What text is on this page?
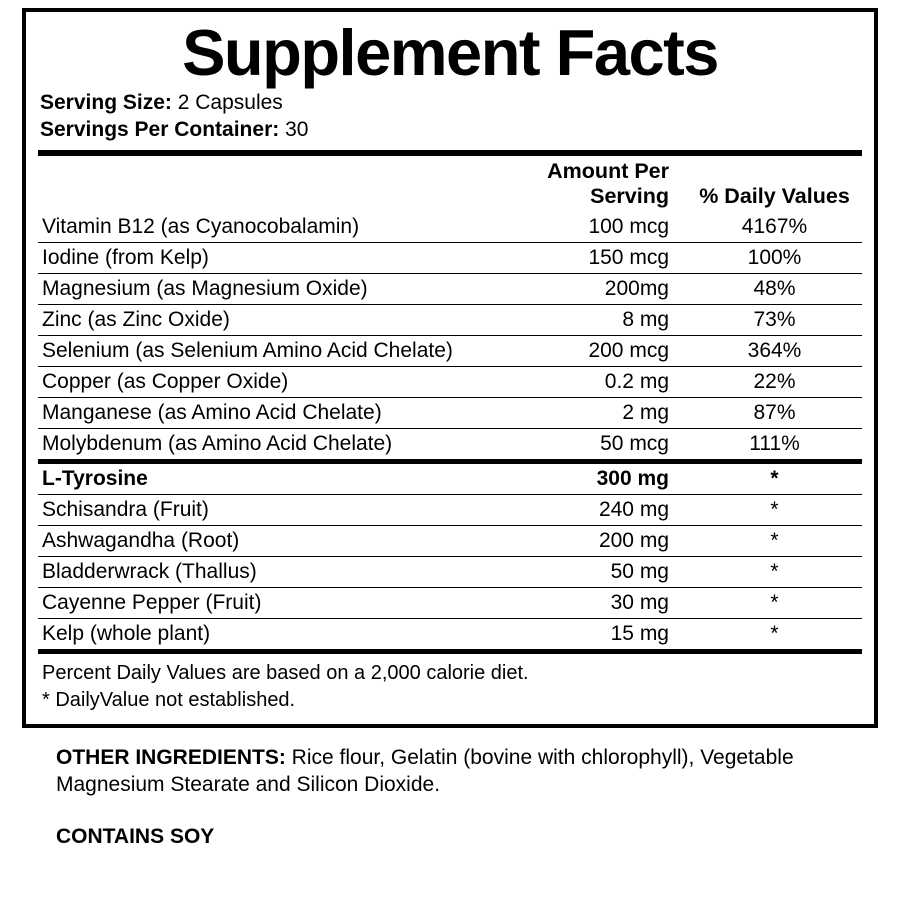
Supplement Facts
Serving Size: 2 Capsules
Servings Per Container: 30
	Amount Per Serving	% Daily Values
Vitamin B12 (as Cyanocobalamin)	100 mcg	4167%
Iodine (from Kelp)	150 mcg	100%
Magnesium (as Magnesium Oxide)	200mg	48%
Zinc (as Zinc Oxide)	8 mg	73%
Selenium (as Selenium Amino Acid Chelate)	200 mcg	364%
Copper (as Copper Oxide)	0.2 mg	22%
Manganese (as Amino Acid Chelate)	2 mg	87%
Molybdenum (as Amino Acid Chelate)	50 mcg	111%
L-Tyrosine	300 mg	*
Schisandra (Fruit)	240 mg	*
Ashwagandha (Root)	200 mg	*
Bladderwrack (Thallus)	50 mg	*
Cayenne Pepper (Fruit)	30 mg	*
Kelp (whole plant)	15 mg	*
Percent Daily Values are based on a 2,000 calorie diet.
* DailyValue not established.
OTHER INGREDIENTS: Rice flour, Gelatin (bovine with chlorophyll), Vegetable Magnesium Stearate and Silicon Dioxide.
CONTAINS SOY
